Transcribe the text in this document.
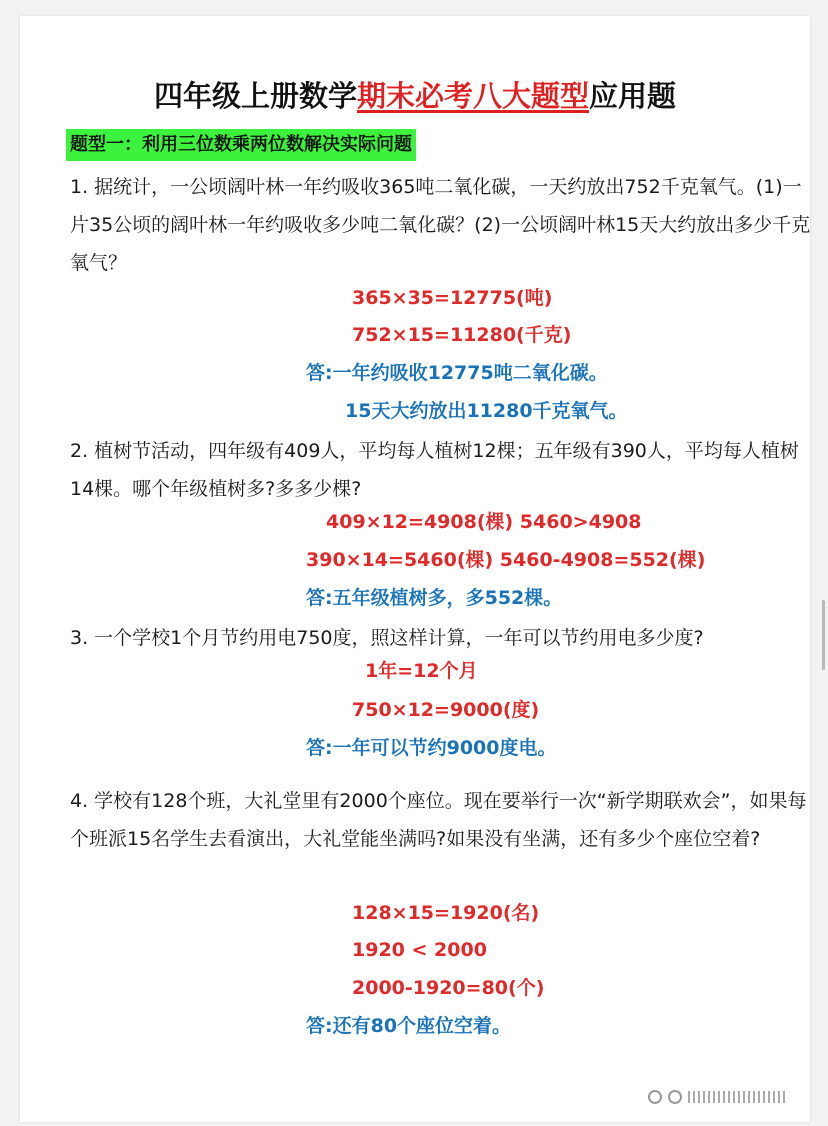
四年级上册数学期末必考八大题型应用题
题型一：利用三位数乘两位数解决实际问题

1. 据统计，一公顷阔叶林一年约吸收365吨二氧化碳，一天约放出752千克氧气。(1)一片35公顷的阔叶林一年约吸收多少吨二氧化碳？(2)一公顷阔叶林15天大约放出多少千克氧气？

365×35=12775(吨)
752×15=11280(千克)
答:一年约吸收12775吨二氧化碳。
15天大约放出11280千克氧气。

2. 植树节活动，四年级有409人，平均每人植树12棵；五年级有390人，平均每人植树14棵。哪个年级植树多?多多少棵?

409×12=4908(棵) 5460>4908
390×14=5460(棵) 5460-4908=552(棵)
答:五年级植树多，多552棵。

3. 一个学校1个月节约用电750度，照这样计算，一年可以节约用电多少度?

1年=12个月
750×12=9000(度)
答:一年可以节约9000度电。

4. 学校有128个班，大礼堂里有2000个座位。现在要举行一次“新学期联欢会”，如果每个班派15名学生去看演出，大礼堂能坐满吗?如果没有坐满，还有多少个座位空着?

128×15=1920(名)
1920 < 2000
2000-1920=80(个)
答:还有80个座位空着。
